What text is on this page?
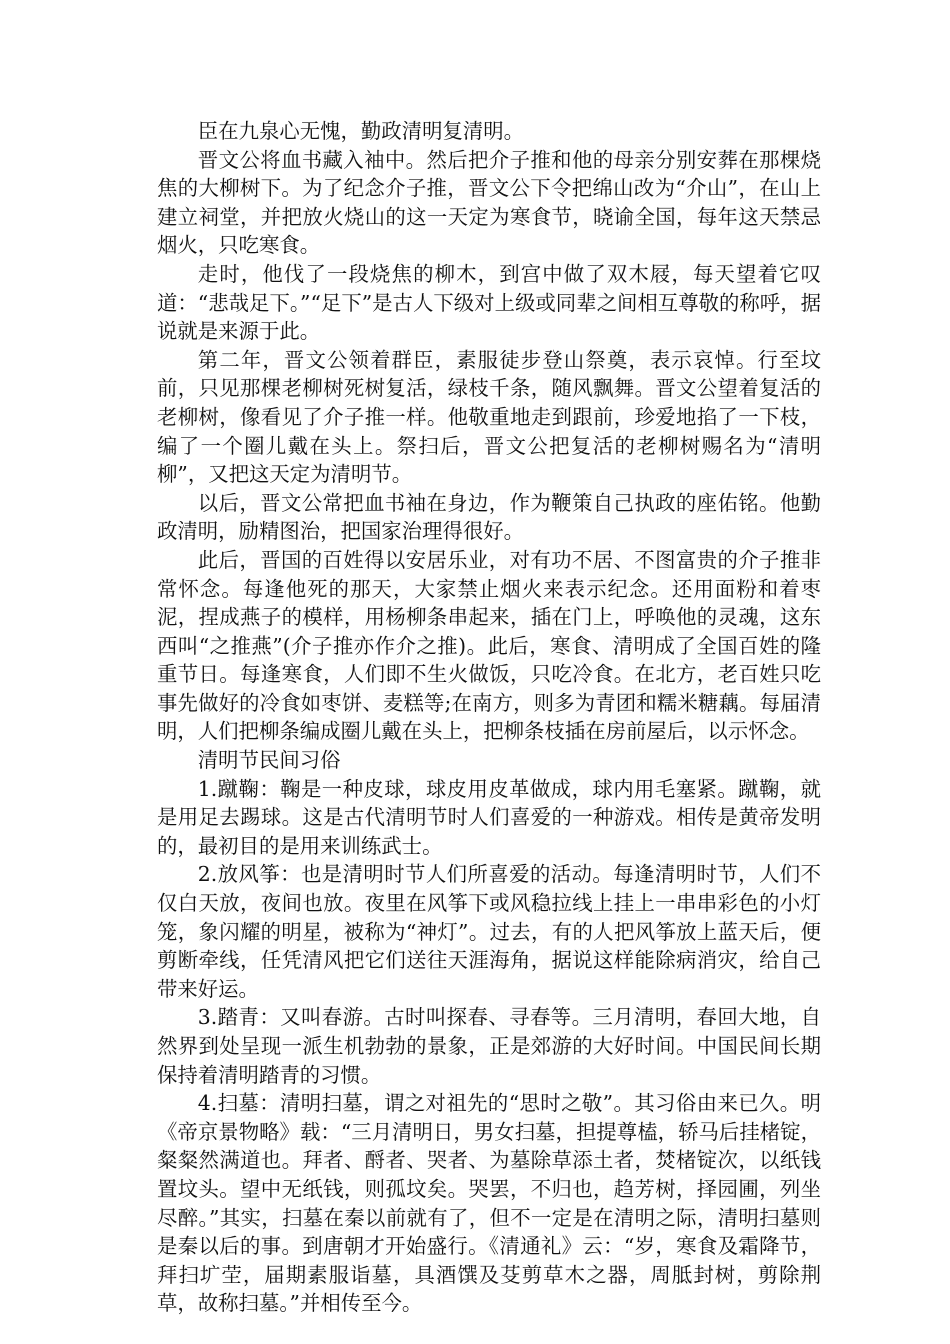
臣在九泉心无愧，勤政清明复清明。

晋文公将血书藏入袖中。然后把介子推和他的母亲分别安葬在那棵烧焦的大柳树下。为了纪念介子推，晋文公下令把绵山改为“介山”，在山上建立祠堂，并把放火烧山的这一天定为寒食节，晓谕全国，每年这天禁忌烟火，只吃寒食。

走时，他伐了一段烧焦的柳木，到宫中做了双木屐，每天望着它叹道：“悲哉足下。”“足下”是古人下级对上级或同辈之间相互尊敬的称呼，据说就是来源于此。

第二年，晋文公领着群臣，素服徒步登山祭奠，表示哀悼。行至坟前，只见那棵老柳树死树复活，绿枝千条，随风飘舞。晋文公望着复活的老柳树，像看见了介子推一样。他敬重地走到跟前，珍爱地掐了一下枝，编了一个圈儿戴在头上。祭扫后，晋文公把复活的老柳树赐名为“清明柳”，又把这天定为清明节。

以后，晋文公常把血书袖在身边，作为鞭策自己执政的座佑铭。他勤政清明，励精图治，把国家治理得很好。

此后，晋国的百姓得以安居乐业，对有功不居、不图富贵的介子推非常怀念。每逢他死的那天，大家禁止烟火来表示纪念。还用面粉和着枣泥，捏成燕子的模样，用杨柳条串起来，插在门上，呼唤他的灵魂，这东西叫“之推燕”(介子推亦作介之推)。此后，寒食、清明成了全国百姓的隆重节日。每逢寒食，人们即不生火做饭，只吃冷食。在北方，老百姓只吃事先做好的冷食如枣饼、麦糕等;在南方，则多为青团和糯米糖藕。每届清明，人们把柳条编成圈儿戴在头上，把柳条枝插在房前屋后，以示怀念。

清明节民间习俗

1.蹴鞠：鞠是一种皮球，球皮用皮革做成，球内用毛塞紧。蹴鞠，就是用足去踢球。这是古代清明节时人们喜爱的一种游戏。相传是黄帝发明的，最初目的是用来训练武士。

2.放风筝：也是清明时节人们所喜爱的活动。每逢清明时节，人们不仅白天放，夜间也放。夜里在风筝下或风稳拉线上挂上一串串彩色的小灯笼，象闪耀的明星，被称为“神灯”。过去，有的人把风筝放上蓝天后，便剪断牵线，任凭清风把它们送往天涯海角，据说这样能除病消灾，给自己带来好运。

3.踏青：又叫春游。古时叫探春、寻春等。三月清明，春回大地，自然界到处呈现一派生机勃勃的景象，正是郊游的大好时间。中国民间长期保持着清明踏青的习惯。

4.扫墓：清明扫墓，谓之对祖先的“思时之敬”。其习俗由来已久。明《帝京景物略》载：“三月清明日，男女扫墓，担提尊榼，轿马后挂楮锭，粲粲然满道也。拜者、酹者、哭者、为墓除草添土者，焚楮锭次，以纸钱置坟头。望中无纸钱，则孤坟矣。哭罢，不归也，趋芳树，择园圃，列坐尽醉。”其实，扫墓在秦以前就有了，但不一定是在清明之际，清明扫墓则是秦以后的事。到唐朝才开始盛行。《清通礼》云：“岁，寒食及霜降节，拜扫圹茔，届期素服诣墓，具酒馔及芟剪草木之器，周胝封树，剪除荆草，故称扫墓。”并相传至今。
